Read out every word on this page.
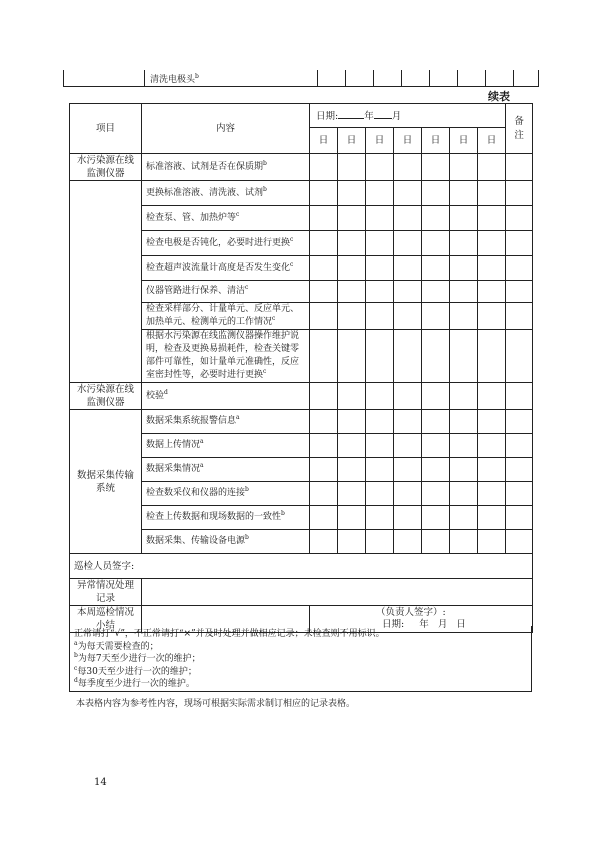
清洗电极头$^b$
续表
项目	内容	日期: 年 月							备注
		日	日	日	日	日	日	日	
水污染源在线监测仪器	标准溶液、试剂是否在保质期$^b$								
	更换标准溶液、清洗液、试剂$^b$								
	检查泵、管、加热炉等$^c$								
	检查电极是否钝化，必要时进行更换$^c$								
	检查超声波流量计高度是否发生变化$^c$								
	仪器管路进行保养、清洁$^c$								
	检查采样部分、计量单元、反应单元、加热单元、检测单元的工作情况$^c$								
	根据水污染源在线监测仪器操作维护说明，检查及更换易损耗件，检查关键零部件可靠性，如计量单元准确性，反应室密封性等，必要时进行更换$^c$								
水污染源在线监测仪器	校验$^d$								
数据采集传输系统	数据采集系统报警信息$^a$								
	数据上传情况$^a$								
	数据采集情况$^a$								
	检查数采仪和仪器的连接$^b$								
	检查上传数据和现场数据的一致性$^b$								
	数据采集、传输设备电源$^b$								
巡检人员签字:									
异常情况处理记录									
本周巡检情况小结		（负责人签字）:
日期:     年   月   日							
正常请打“√”，不正常请打“×”并及时处理并做相应记录；未检查则不用标识。
$^a$为每天需要检查的；
$^b$为每7天至少进行一次的维护；
$^c$每30天至少进行一次的维护；
$^d$每季度至少进行一次的维护。
本表格内容为参考性内容，现场可根据实际需求制订相应的记录表格。
14
